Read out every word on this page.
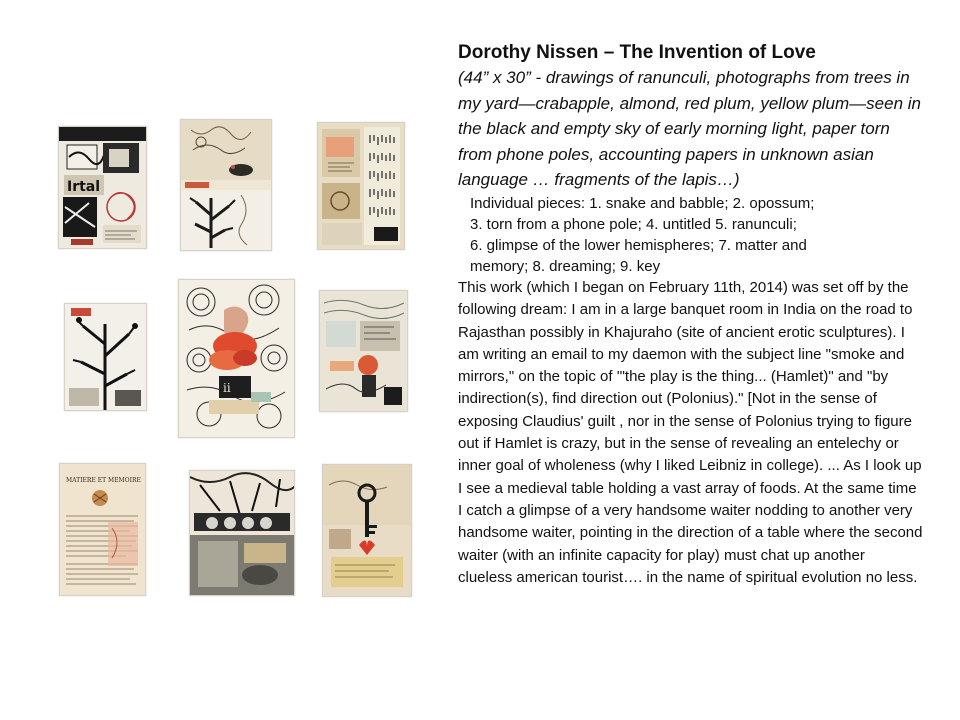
Irtal
ii
MATIERE ET MEMOIRE
Dorothy Nissen – The Invention of Love

(44” x 30” - drawings of ranunculi, photographs from trees in my yard—crabapple, almond, red plum, yellow plum—seen in the black and empty sky of early morning light, paper torn from phone poles, accounting papers in unknown asian language … fragments of the lapis…)

Individual pieces: 1. snake and babble; 2. opossum;
3. torn from a phone pole; 4. untitled 5. ranunculi;
6. glimpse of the lower hemispheres; 7. matter and
memory; 8. dreaming; 9. key

This work (which I began on February 11th, 2014) was set off by the following dream: I am in a large banquet room in India on the road to Rajasthan possibly in Khajuraho (site of ancient erotic sculptures). I am writing an email to my daemon with the subject line "smoke and mirrors," on the topic of '"the play is the thing... (Hamlet)" and "by indirection(s), find direction out (Polonius)." [Not in the sense of exposing Claudius' guilt , nor in the sense of Polonius trying to figure out if Hamlet is crazy, but in the sense of revealing an entelechy or inner goal of wholeness (why I liked Leibniz in college). ... As I look up I see a medieval table holding a vast array of foods. At the same time I catch a glimpse of a very handsome waiter nodding to another very handsome waiter, pointing in the direction of a table where the second waiter (with an infinite capacity for play) must chat up another clueless american tourist…. in the name of spiritual evolution no less.
